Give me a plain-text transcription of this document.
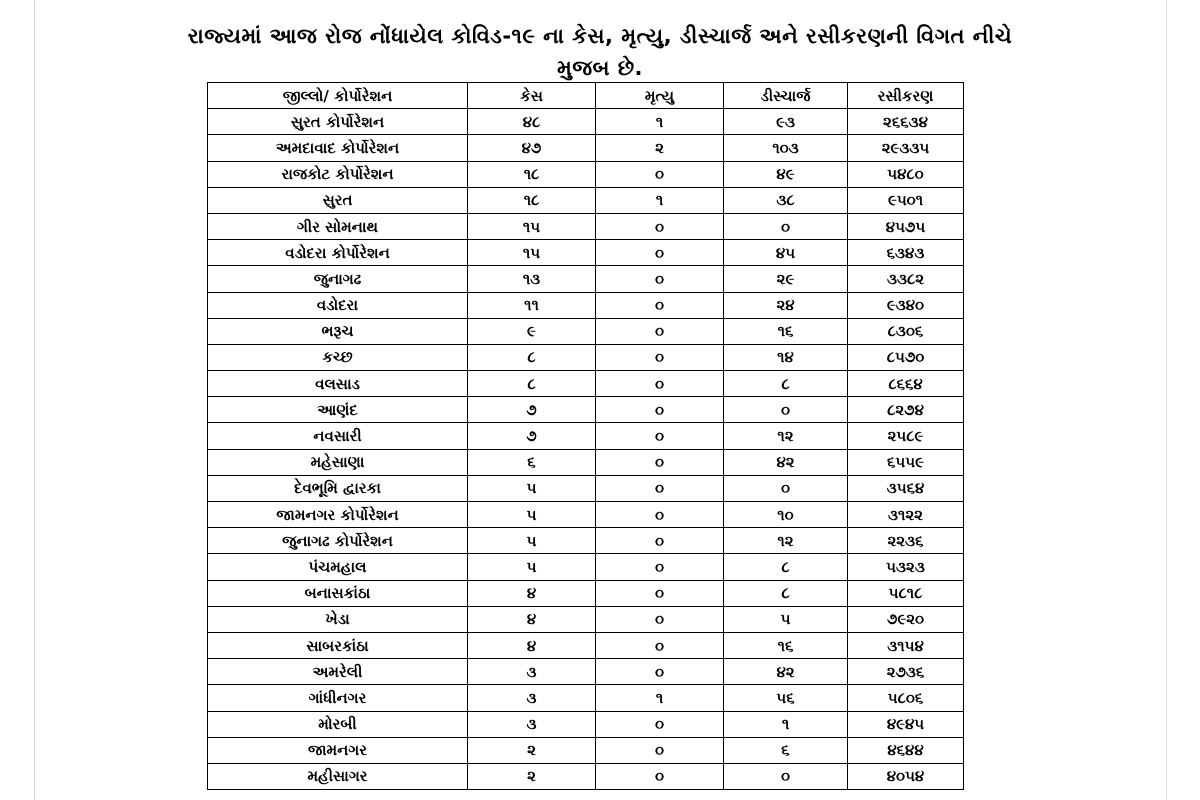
રાજ્યમાં આજ રોજ નોંધાયેલ કોવિડ-૧૯ ના કેસ, મૃત્યુ, ડીસ્ચાર્જ અને રસીકરણની વિગત નીચે
મુજબ છે.
જીલ્લો/ કોર્પોરેશન	કેસ	મૃત્યુ	ડીસ્ચાર્જ	રસીકરણ
સુરત કોર્પોરેશન	૪૮	૧	૯૩	૨૬૬૩૪
અમદાવાદ કોર્પોરેશન	૪૭	૨	૧૦૩	૨૯૩૩૫
રાજકોટ કોર્પોરેશન	૧૮	૦	૪૯	૫૪૮૦
સુરત	૧૮	૧	૩૮	૯૫૦૧
ગીર સોમનાથ	૧૫	૦	૦	૪૫૭૫
વડોદરા કોર્પોરેશન	૧૫	૦	૪૫	૬૩૪૩
જુનાગઢ	૧૩	૦	૨૯	૩૩૮૨
વડોદરા	૧૧	૦	૨૪	૯૩૪૦
ભરૂચ	૯	૦	૧૬	૮૩૦૬
કચ્છ	૮	૦	૧૪	૮૫૭૦
વલસાડ	૮	૦	૮	૮૬૬૪
આણંદ	૭	૦	૦	૮૨૭૪
નવસારી	૭	૦	૧૨	૨૫૮૯
મહેસાણા	૬	૦	૪૨	૬૫૫૯
દેવભૂમિ દ્વારકા	૫	૦	૦	૩૫૬૪
જામનગર કોર્પોરેશન	૫	૦	૧૦	૩૧૨૨
જુનાગઢ કોર્પોરેશન	૫	૦	૧૨	૨૨૩૬
પંચમહાલ	૫	૦	૮	૫૩૨૩
બનાસકાંઠા	૪	૦	૮	૫૮૧૮
ખેડા	૪	૦	૫	૭૯૨૦
સાબરકાંઠા	૪	૦	૧૬	૩૧૫૪
અમરેલી	૩	૦	૪૨	૨૭૩૬
ગાંધીનગર	૩	૧	૫૬	૫૮૦૬
મોરબી	૩	૦	૧	૪૯૪૫
જામનગર	૨	૦	૬	૪૬૪૪
મહીસાગર	૨	૦	૦	૪૦૫૪
